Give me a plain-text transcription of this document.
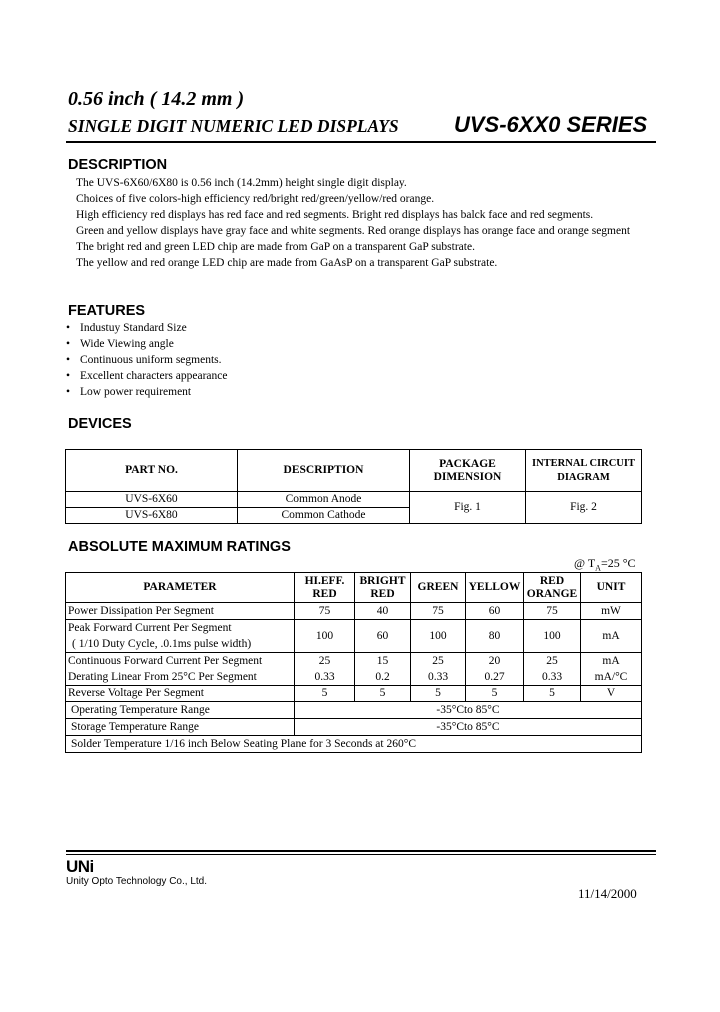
0.56 inch ( 14.2 mm )
SINGLE DIGIT NUMERIC LED DISPLAYS	UVS-6XX0 SERIES
DESCRIPTION
The UVS-6X60/6X80 is 0.56 inch (14.2mm) height single digit display.
Choices of five colors-high efficiency red/bright red/green/yellow/red orange.
High efficiency red displays has red face and red segments. Bright red displays has balck face and red segments.
Green and yellow displays have gray face and white segments. Red orange displays has orange face and orange segment
The bright red and green LED chip are made from GaP on a transparent GaP substrate.
The yellow and red orange LED chip are made from GaAsP on a transparent GaP substrate.
FEATURES
• Industuy Standard Size
• Wide Viewing angle
• Continuous uniform segments.
• Excellent characters appearance
• Low power requirement
DEVICES
PART NO.	DESCRIPTION	PACKAGE DIMENSION	INTERNAL CIRCUIT DIAGRAM
UVS-6X60	Common Anode	Fig. 1	Fig. 2
UVS-6X80	Common Cathode		
ABSOLUTE MAXIMUM RATINGS
@ $T_A=25$ °C
PARAMETER	HI.EFF. RED	BRIGHT RED	GREEN	YELLOW	RED ORANGE	UNIT
Power Dissipation Per Segment	75	40	75	60	75	mW

Peak Forward Current Per Segment
( 1/10 Duty Cycle, .0.1ms pulse width)	100	60	100	80	100	mA
Continuous Forward Current Per Segment	25	15	25	20	25	mA
Derating Linear From 25°C Per Segment	0.33	0.2	0.33	0.27	0.33	mA/°C
Reverse Voltage Per Segment	5	5	5	5	5	V
Operating Temperature Range	-35°Cto 85°C					
Storage Temperature Range	-35°Cto 85°C					
Solder Temperature 1/16 inch Below Seating Plane for 3 Seconds at 260°C						
UNi
Unity Opto Technology Co., Ltd.
11/14/2000
